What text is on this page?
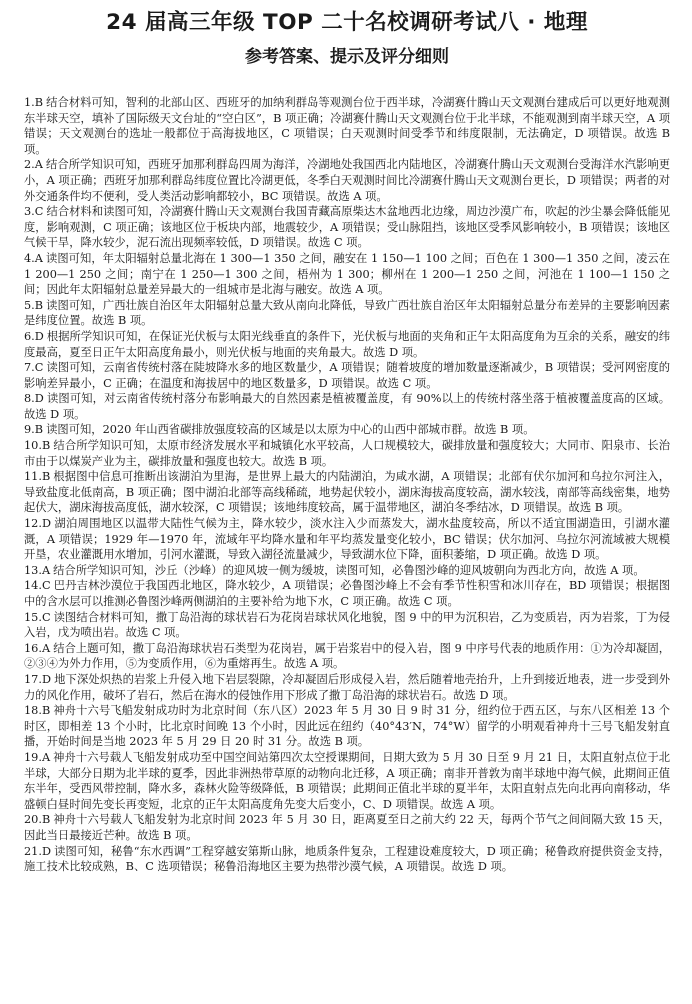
24 届高三年级 TOP 二十名校调研考试八 · 地理
参考答案、提示及评分细则

1.B 结合材料可知，智利的北部山区、西班牙的加纳利群岛等观测台位于西半球，冷湖赛什腾山天文观测台建成后可以更好地观测东半球天空，填补了国际级天文台址的“空白区”，B 项正确；冷湖赛什腾山天文观测台位于北半球，不能观测到南半球天空，A 项错误；天文观测台的选址一般都位于高海拔地区，C 项错误；白天观测时间受季节和纬度限制，无法确定，D 项错误。故选 B 项。

2.A 结合所学知识可知，西班牙加那利群岛四周为海洋，冷湖地处我国西北内陆地区，冷湖赛什腾山天文观测台受海洋水汽影响更小，A 项正确；西班牙加那利群岛纬度位置比冷湖更低，冬季白天观测时间比冷湖赛什腾山天文观测台更长，D 项错误；两者的对外交通条件均不便利，受人类活动影响都较小，BC 项错误。故选 A 项。

3.C 结合材料和读图可知，冷湖赛什腾山天文观测台我国青藏高原柴达木盆地西北边缘，周边沙漠广布，吹起的沙尘暴会降低能见度，影响观测，C 项正确；该地区位于板块内部，地震较少，A 项错误；受山脉阻挡，该地区受季风影响较小，B 项错误；该地区气候干旱，降水较少，泥石流出现频率较低，D 项错误。故选 C 项。

4.A 读图可知，年太阳辐射总量北海在 1 300—1 350 之间，融安在 1 150—1 100 之间；百色在 1 300—1 350 之间，凌云在 1 200—1 250 之间；南宁在 1 250—1 300 之间，梧州为 1 300；柳州在 1 200—1 250 之间，河池在 1 100—1 150 之间；因此年太阳辐射总量差异最大的一组城市是北海与融安。故选 A 项。

5.B 读图可知，广西壮族自治区年太阳辐射总量大致从南向北降低，导致广西壮族自治区年太阳辐射总量分布差异的主要影响因素是纬度位置。故选 B 项。

6.D 根据所学知识可知，在保证光伏板与太阳光线垂直的条件下，光伏板与地面的夹角和正午太阳高度角为互余的关系，融安的纬度最高，夏至日正午太阳高度角最小，则光伏板与地面的夹角最大。故选 D 项。

7.C 读图可知，云南省传统村落在陡坡降水多的地区数量少，A 项错误；随着坡度的增加数量逐渐减少，B 项错误；受河网密度的影响差异最小，C 正确；在温度和海拔居中的地区数量多，D 项错误。故选 C 项。

8.D 读图可知，对云南省传统村落分布影响最大的自然因素是植被覆盖度，有 90%以上的传统村落坐落于植被覆盖度高的区域。故选 D 项。

9.B 读图可知，2020 年山西省碳排放强度较高的区域是以太原为中心的山西中部城市群。故选 B 项。

10.B 结合所学知识可知，太原市经济发展水平和城镇化水平较高，人口规模较大，碳排放量和强度较大；大同市、阳泉市、长治市由于以煤炭产业为主，碳排放量和强度也较大。故选 B 项。

11.B 根据图中信息可推断出该湖泊为里海，是世界上最大的内陆湖泊，为咸水湖，A 项错误；北部有伏尔加河和乌拉尔河注入，导致盐度北低南高，B 项正确；图中湖泊北部等高线稀疏，地势起伏较小，湖床海拔高度较高，湖水较浅，南部等高线密集，地势起伏大，湖床海拔高度低，湖水较深，C 项错误；该地纬度较高，属于温带地区，湖泊冬季结冰，D 项错误。故选 B 项。

12.D 湖泊周围地区以温带大陆性气候为主，降水较少，淡水注入少而蒸发大，湖水盐度较高，所以不适宜围湖造田，引湖水灌溉，A 项错误；1929 年—1970 年，流域年平均降水量和年平均蒸发量变化较小，BC 错误；伏尔加河、乌拉尔河流域被大规模开垦，农业灌溉用水增加，引河水灌溉，导致入湖径流量减少，导致湖水位下降，面积萎缩，D 项正确。故选 D 项。

13.A 结合所学知识可知，沙丘（沙峰）的迎风坡一侧为缓坡，读图可知，必鲁图沙峰的迎风坡朝向为西北方向，故选 A 项。

14.C 巴丹吉林沙漠位于我国西北地区，降水较少，A 项错误；必鲁图沙峰上不会有季节性积雪和冰川存在，BD 项错误；根据图中的含水层可以推测必鲁图沙峰两侧湖泊的主要补给为地下水，C 项正确。故选 C 项。

15.C 读图结合材料可知，撒丁岛沿海的球状岩石为花岗岩球状风化地貌，图 9 中的甲为沉积岩，乙为变质岩，丙为岩浆，丁为侵入岩，戊为喷出岩。故选 C 项。

16.A 结合上题可知，撒丁岛沿海球状岩石类型为花岗岩，属于岩浆岩中的侵入岩，图 9 中序号代表的地质作用：①为冷却凝固，②③④为外力作用，⑤为变质作用，⑥为重熔再生。故选 A 项。

17.D 地下深处炽热的岩浆上升侵入地下岩层裂隙，冷却凝固后形成侵入岩，然后随着地壳抬升，上升到接近地表，进一步受到外力的风化作用，破坏了岩石，然后在海水的侵蚀作用下形成了撒丁岛沿海的球状岩石。故选 D 项。

18.B 神舟十六号飞船发射成功时为北京时间（东八区）2023 年 5 月 30 日 9 时 31 分，纽约位于西五区，与东八区相差 13 个时区，即相差 13 个小时，比北京时间晚 13 个小时，因此远在纽约（40°43′N，74°W）留学的小明观看神舟十三号飞船发射直播，开始时间是当地 2023 年 5 月 29 日 20 时 31 分。故选 B 项。

19.A 神舟十六号载人飞船发射成功至中国空间站第四次太空授课期间，日期大致为 5 月 30 日至 9 月 21 日，太阳直射点位于北半球，大部分日期为北半球的夏季，因此非洲热带草原的动物向北迁移，A 项正确；南非开普敦为南半球地中海气候，此期间正值东半年，受西风带控制，降水多，森林火险等级降低，B 项错误；此期间正值北半球的夏半年，太阳直射点先向北再向南移动，华盛顿白昼时间先变长再变短，北京的正午太阳高度角先变大后变小，C、D 项错误。故选 A 项。

20.B 神舟十六号载人飞船发射为北京时间 2023 年 5 月 30 日，距离夏至日之前大约 22 天，每两个节气之间间隔大致 15 天，因此当日最接近芒种。故选 B 项。

21.D 读图可知，秘鲁“东水西调”工程穿越安第斯山脉，地质条件复杂，工程建设难度较大，D 项正确；秘鲁政府提供资金支持，施工技术比较成熟，B、C 选项错误；秘鲁沿海地区主要为热带沙漠气候，A 项错误。故选 D 项。
